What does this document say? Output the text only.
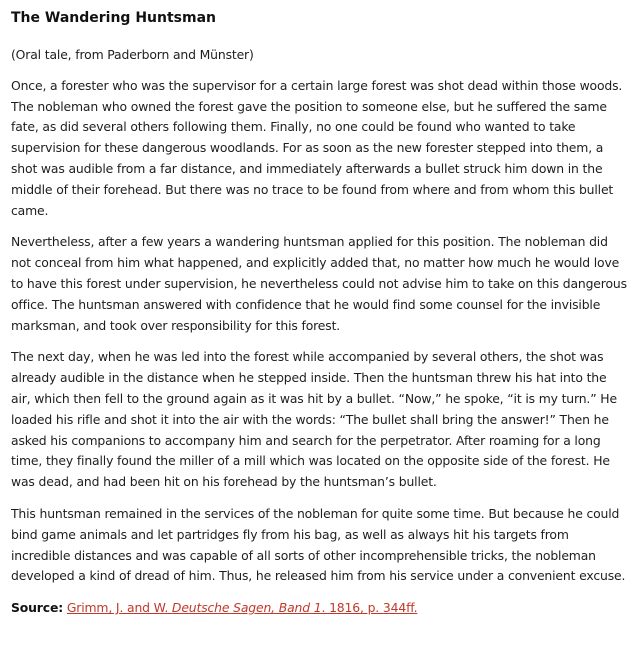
The Wandering Huntsman

(Oral tale, from Paderborn and Münster)

Once, a forester who was the supervisor for a certain large forest was shot dead within those woods. The nobleman who owned the forest gave the position to someone else, but he suffered the same fate, as did several others following them. Finally, no one could be found who wanted to take supervision for these dangerous woodlands. For as soon as the new forester stepped into them, a shot was audible from a far distance, and immediately afterwards a bullet struck him down in the middle of their forehead. But there was no trace to be found from where and from whom this bullet came.

Nevertheless, after a few years a wandering huntsman applied for this position. The nobleman did not conceal from him what happened, and explicitly added that, no matter how much he would love to have this forest under supervision, he nevertheless could not advise him to take on this dangerous office. The huntsman answered with confidence that he would find some counsel for the invisible marksman, and took over responsibility for this forest.

The next day, when he was led into the forest while accompanied by several others, the shot was already audible in the distance when he stepped inside. Then the huntsman threw his hat into the air, which then fell to the ground again as it was hit by a bullet. “Now,” he spoke, “it is my turn.” He loaded his rifle and shot it into the air with the words: “The bullet shall bring the answer!” Then he asked his companions to accompany him and search for the perpetrator. After roaming for a long time, they finally found the miller of a mill which was located on the opposite side of the forest. He was dead, and had been hit on his forehead by the huntsman’s bullet.

This huntsman remained in the services of the nobleman for quite some time. But because he could bind game animals and let partridges fly from his bag, as well as always hit his targets from incredible distances and was capable of all sorts of other incomprehensible tricks, the nobleman developed a kind of dread of him. Thus, he released him from his service under a convenient excuse.

Source: Grimm, J. and W. Deutsche Sagen, Band 1. 1816, p. 344ff.
